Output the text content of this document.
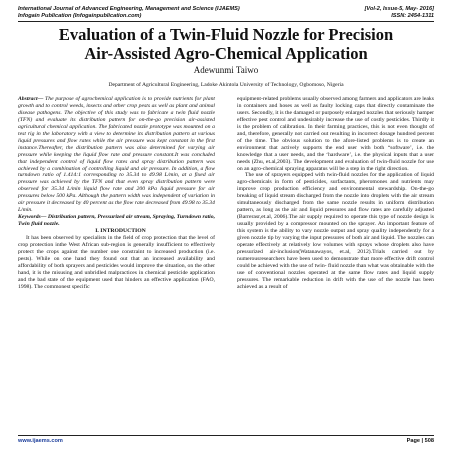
International Journal of Advanced Engineering, Management and Science (IJAEMS)	[Vol-2, Issue-5, May- 2016]
Infogain Publication (Infogainpublication.com)	ISSN: 2454-1311
Evaluation of a Twin-Fluid Nozzle for Precision
Air-Assisted Agro-Chemical Application
Adewunmi Taiwo
Department of Agricultural Engineering, Ladoke Akintola University of Technology, Ogbomoso, Nigeria

Abstract— The purpose of agrochemical application is to provide nutrients for plant growth and to control weeds, insects and other crop pests as well as plant and animal disease pathogens. The objective of this study was to fabricate a twin fluid nozzle (TFN) and evaluate its distribution pattern for on-the-go precision air-assisted agricultural chemical application. The fabricated nozzle prototype was mounted on a test rig in the laboratory with a view to determine its distribution pattern at various liquid pressures and flow rates while the air pressure was kept constant in the first instance.Thereafter, the distribution pattern was also determined for varying air pressure while keeping the liquid flow rate and pressure constant.It was concluded that independent control of liquid flow rates and spray distribution pattern was achieved by a combination of controlling liquid and air pressure. In addition, a flow turndown ratio of 1.414:1 corresponding to 35.34 to 49.98 L/min, at a fixed air pressure was achieved by the TFN and that even spray distribution pattern were observed for 35.34 L/min liquid flow rate and 200 kPa liquid pressure for air pressures below 500 kPa. Although the pattern width was independent of variation in air pressure it decreased by 40 percent as the flow rate decreased from 49.98 to 35.34 L/min.

Keywords— Distribution pattern, Pressurized air stream, Spraying, Turndown ratio, Twin fluid nozzle.

I. INTRODUCTION

It has been observed by specialists in the field of crop protection that the level of crop protection inthe West African sub-region is generally insufficient to effectively protect the crops against the number one constraint to increased production (i.e. pests). While on one hand they found out that an increased availability and affordability of both sprayers and pesticides would improve the situation, on the other hand, it is the misusing and unbridled malpractices in chemical pesticide application and the bad state of the equipment used that hinders an effective application (FAO, 1998). The commonest specific

equipment-related problems usually observed among farmers and applicators are leaks in containers and hoses as well as faulty locking caps that directly contaminate the users. Secondly, it is the damaged or purposely enlarged nozzles that seriously hamper effective pest control and undesirably increase the use of costly pesticides. Thirdly it is the problem of calibration. In their farming practices, this is not even thought of and, therefore, generally not carried out resulting in incorrect dosage hundred percent of the time. The obvious solution to the afore-listed problems is to create an environment that actively supports the end user with both “software’, i.e. the knowledge that a user needs, and the ‘hardware’, i.e. the physical inputs that a user needs (Zhu, et.al,2003). The development and evaluation of twin-fluid nozzle for use on an agro-chemical spraying apparatus will be a step in the right direction.

The use of sprayers equipped with twin-fluid nozzles for the application of liquid agro-chemicals in form of pesticides, surfactants, pheromones and nutrients may improve crop production efficiency and environmental stewardship. On-the-go breaking of liquid stream discharged from the nozzle into droplets with the air stream simultaneously discharged from the same nozzle results in uniform distribution pattern, as long as the air and liquid pressures and flow rates are carefully adjusted (Barrerasr,et.al, 2006).The air supply required to operate this type of nozzle design is usually provided by a compressor mounted on the sprayer. An important feature of this system is the ability to vary nozzle output and spray quality independently for a given nozzle tip by varying the input pressures of both air and liquid. The nozzles can operate effectively at relatively low volumes with sprays whose droplets also have pressurized air-inclusion(Watanawayos, et.al, 2012).Trials carried out by numerousresearchers have been used to demonstrate that more effective drift control could be achieved with the use of twin- fluid nozzle than what was obtainable with the use of conventional nozzles operated at the same flow rates and liquid supply pressures. The remarkable reduction in drift with the use of the nozzle has been achieved as a result of

www.ijaems.com	Page | 508
